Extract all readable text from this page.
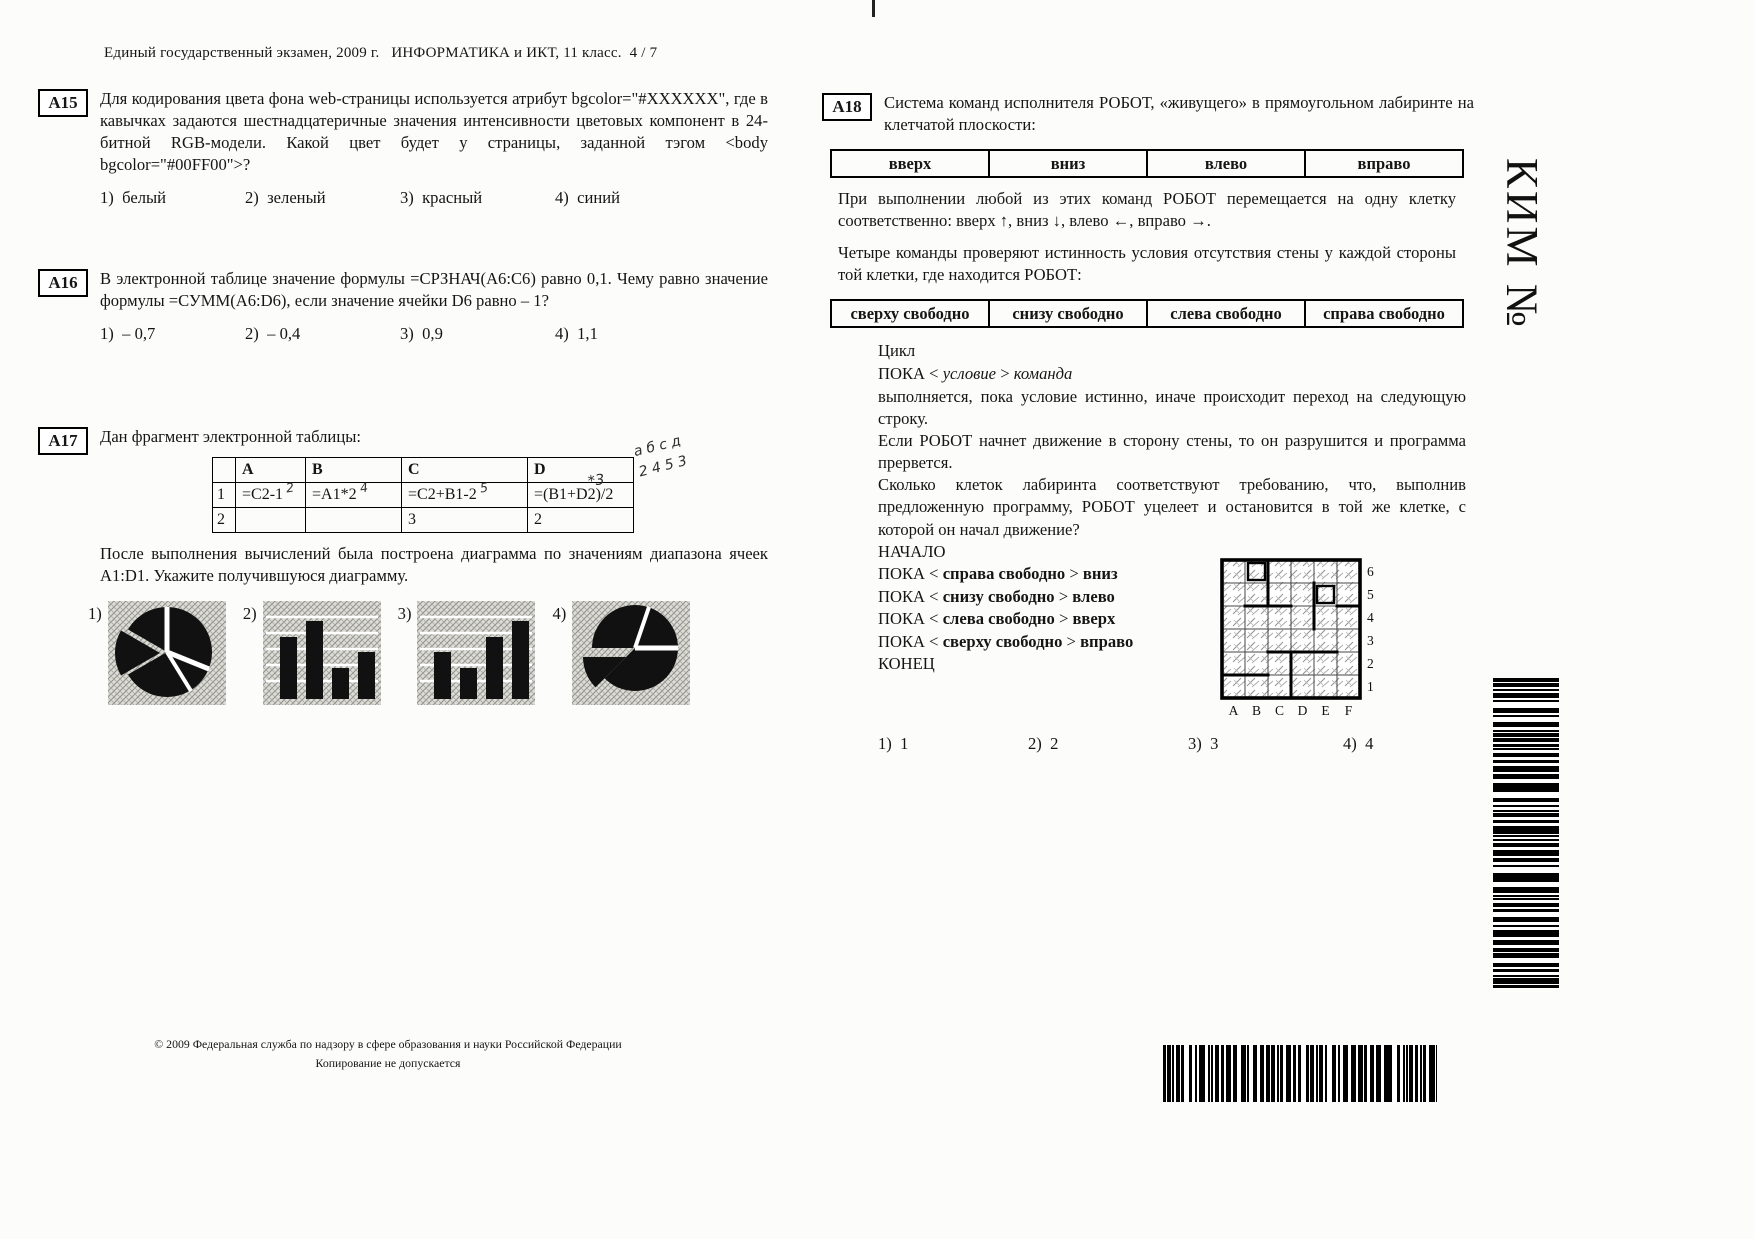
Единый государственный экзамен, 2009 г.   ИНФОРМАТИКА и ИКТ, 11 класс.  4 / 7
А15	Для кодирования цвета фона web-страницы используется атрибут bgcolor="#XXXXXX", где в кавычках задаются шестнадцатеричные значения интенсивности цветовых компонент в 24-битной RGB-модели. Какой цвет будет у страницы, заданной тэгом <body bgcolor="#00FF00">?

1)  белый	2)  зеленый	3)  красный	4)  синий
А16	В электронной таблице значение формулы =СРЗНАЧ(А6:С6) равно 0,1. Чему равно значение формулы =СУММ(А6:D6), если значение ячейки D6 равно – 1?

1)  – 0,7	2)  – 0,4	3)  0,9	4)  1,1
А17	а б с д
2 4 5 3
*3

Дан фрагмент электронной таблицы:

	A	B	C	D
1	=C2-1 2	=A1*2 4	=C2+B1-2 5	=(B1+D2)/2
2			3	2

После выполнения вычислений была построена диаграмма по значениям диапазона ячеек А1:D1. Укажите получившуюся диаграмму.

1)	2)	3)	4)
А18	Система команд исполнителя РОБОТ, «живущего» в прямоугольном лабиринте на клетчатой плоскости:

вверх	вниз	влево	вправо

При выполнении любой из этих команд РОБОТ перемещается на одну клетку соответственно: вверх ↑, вниз ↓, влево ←, вправо →.

Четыре команды проверяют истинность условия отсутствия стены у каждой стороны той клетки, где находится РОБОТ:

сверху свободно	снизу свободно	слева свободно	справа свободно
Цикл
ПОКА < условие > команда

выполняется, пока условие истинно, иначе происходит переход на следующую строку.

Если РОБОТ начнет движение в сторону стены, то он разрушится и программа прервется.

Сколько клеток лабиринта соответствуют требованию, что, выполнив предложенную программу, РОБОТ уцелеет и остановится в той же клетке, с которой он начал движение?

НАЧАЛО
ПОКА < справа свободно > вниз
ПОКА < снизу свободно > влево
ПОКА < слева свободно > вверх
ПОКА < сверху свободно > вправо
КОНЕЦ
6
5
4
3
2
1
A B C D E F
1)  1	2)  2	3)  3	4)  4
КИМ №
© 2009 Федеральная служба по надзору в сфере образования и науки Российской Федерации
Копирование не допускается
